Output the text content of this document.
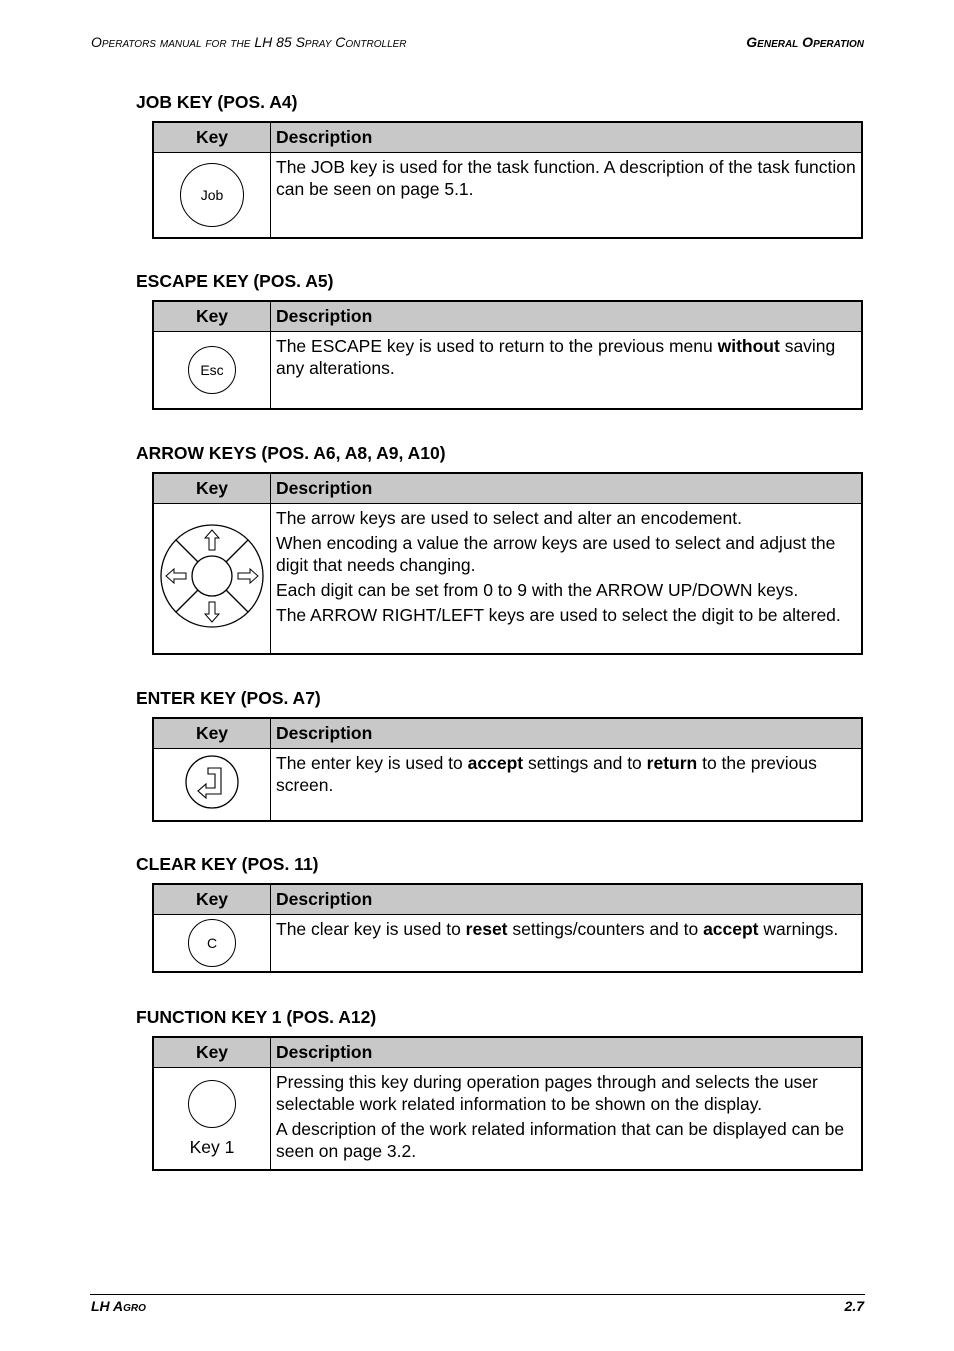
Operators manual for the LH 85 Spray Controller	General Operation
JOB KEY (POS. A4)
Key	Description

Job	The JOB key is used for the task function. A description of the task function can be seen on page 5.1.

ESCAPE KEY (POS. A5)
Key	Description

Esc	The ESCAPE key is used to return to the previous menu without saving any alterations.

ARROW KEYS (POS. A6, A8, A9, A10)
Key	Description

The arrow keys are used to select and alter an encodement.

When encoding a value the arrow keys are used to select and adjust the digit that needs changing.

Each digit can be set from 0 to 9 with the ARROW UP/DOWN keys.

The ARROW RIGHT/LEFT keys are used to select the digit to be altered.

ENTER KEY (POS. A7)
Key	Description

The enter key is used to accept settings and to return to the previous screen.

CLEAR KEY (POS. 11)
Key	Description

C	The clear key is used to reset settings/counters and to accept warnings.

FUNCTION KEY 1 (POS. A12)
Key	Description

Key 1	Pressing this key during operation pages through and selects the user selectable work related information to be shown on the display.

A description of the work related information that can be displayed can be seen on page 3.2.

LH Agro	2.7
